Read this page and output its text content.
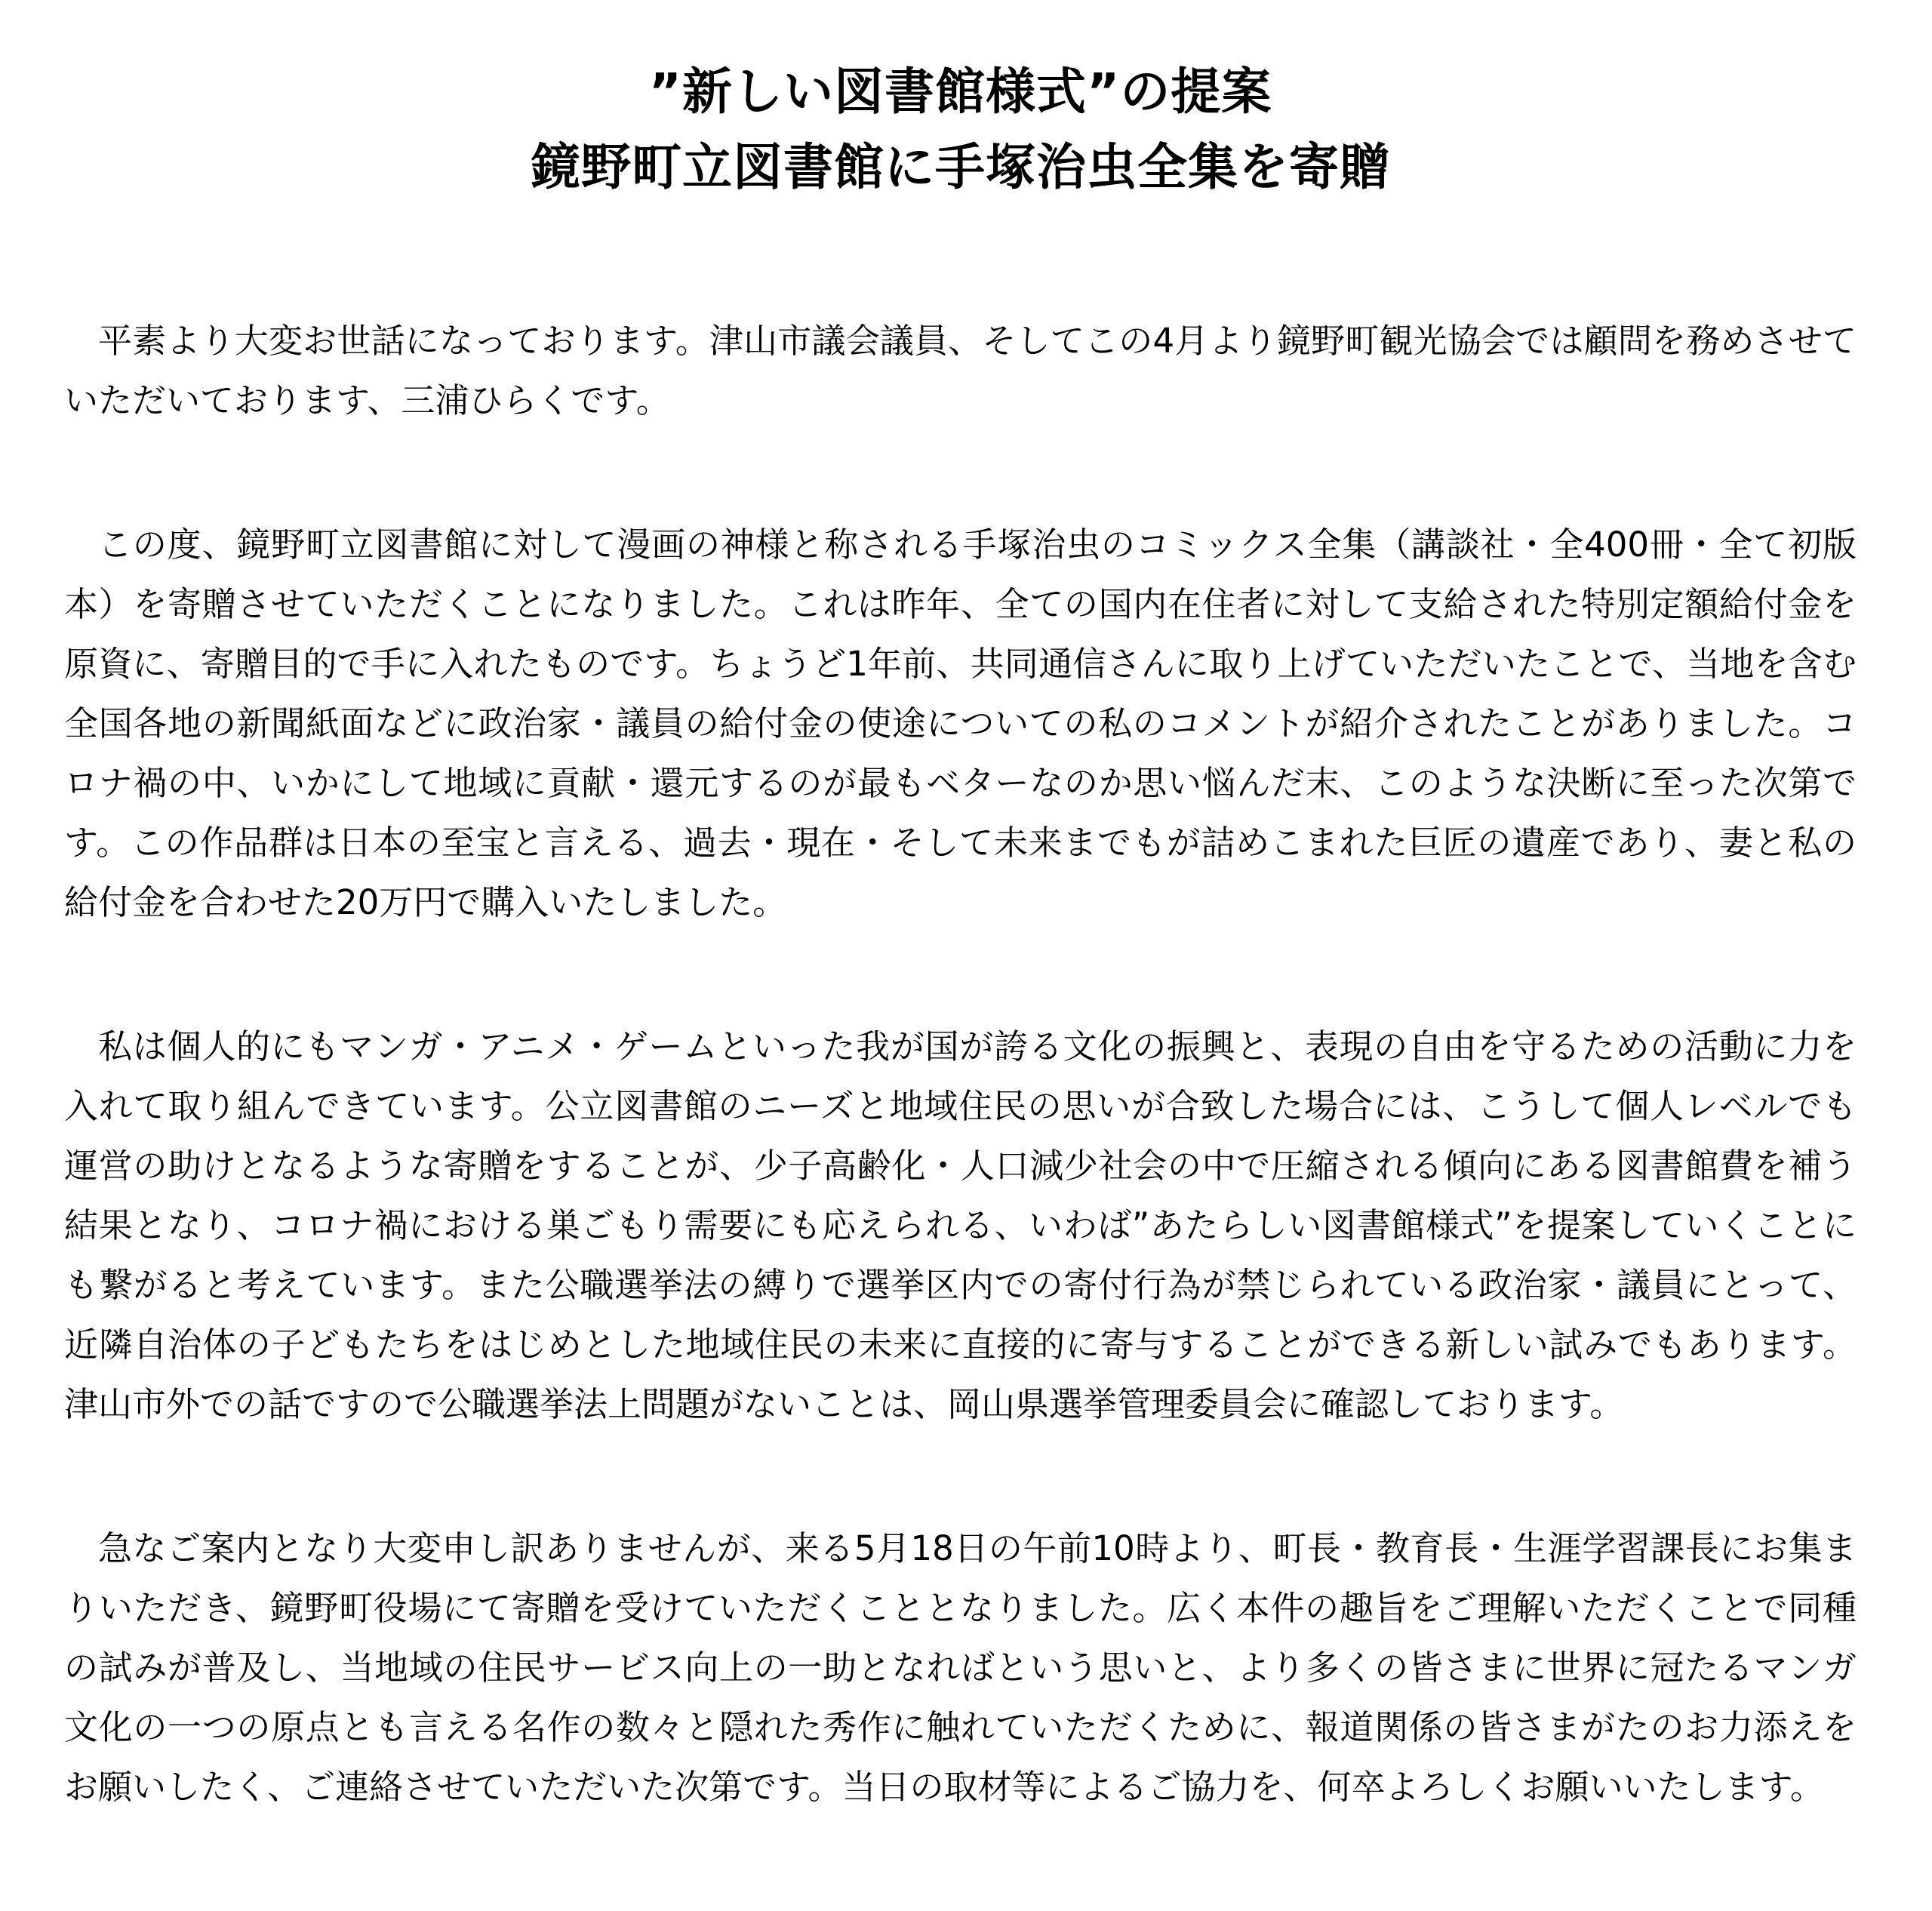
”新しい図書館様式”の提案
鏡野町立図書館に手塚治虫全集を寄贈

平素より大変お世話になっております。津山市議会議員、そしてこの4月より鏡野町観光協会では顧問を務めさせていただいております、三浦ひらくです。

この度、鏡野町立図書館に対して漫画の神様と称される手塚治虫のコミックス全集（講談社・全400冊・全て初版本）を寄贈させていただくことになりました。これは昨年、全ての国内在住者に対して支給された特別定額給付金を原資に、寄贈目的で手に入れたものです。ちょうど1年前、共同通信さんに取り上げていただいたことで、当地を含む全国各地の新聞紙面などに政治家・議員の給付金の使途についての私のコメントが紹介されたことがありました。コロナ禍の中、いかにして地域に貢献・還元するのが最もベターなのか思い悩んだ末、このような決断に至った次第です。この作品群は日本の至宝と言える、過去・現在・そして未来までもが詰めこまれた巨匠の遺産であり、妻と私の給付金を合わせた20万円で購入いたしました。

私は個人的にもマンガ・アニメ・ゲームといった我が国が誇る文化の振興と、表現の自由を守るための活動に力を入れて取り組んできています。公立図書館のニーズと地域住民の思いが合致した場合には、こうして個人レベルでも運営の助けとなるような寄贈をすることが、少子高齢化・人口減少社会の中で圧縮される傾向にある図書館費を補う結果となり、コロナ禍における巣ごもり需要にも応えられる、いわば”あたらしい図書館様式”を提案していくことにも繋がると考えています。また公職選挙法の縛りで選挙区内での寄付行為が禁じられている政治家・議員にとって、近隣自治体の子どもたちをはじめとした地域住民の未来に直接的に寄与することができる新しい試みでもあります。津山市外での話ですので公職選挙法上問題がないことは、岡山県選挙管理委員会に確認しております。

急なご案内となり大変申し訳ありませんが、来る5月18日の午前10時より、町長・教育長・生涯学習課長にお集まりいただき、鏡野町役場にて寄贈を受けていただくこととなりました。広く本件の趣旨をご理解いただくことで同種の試みが普及し、当地域の住民サービス向上の一助となればという思いと、より多くの皆さまに世界に冠たるマンガ文化の一つの原点とも言える名作の数々と隠れた秀作に触れていただくために、報道関係の皆さまがたのお力添えをお願いしたく、ご連絡させていただいた次第です。当日の取材等によるご協力を、何卒よろしくお願いいたします。
